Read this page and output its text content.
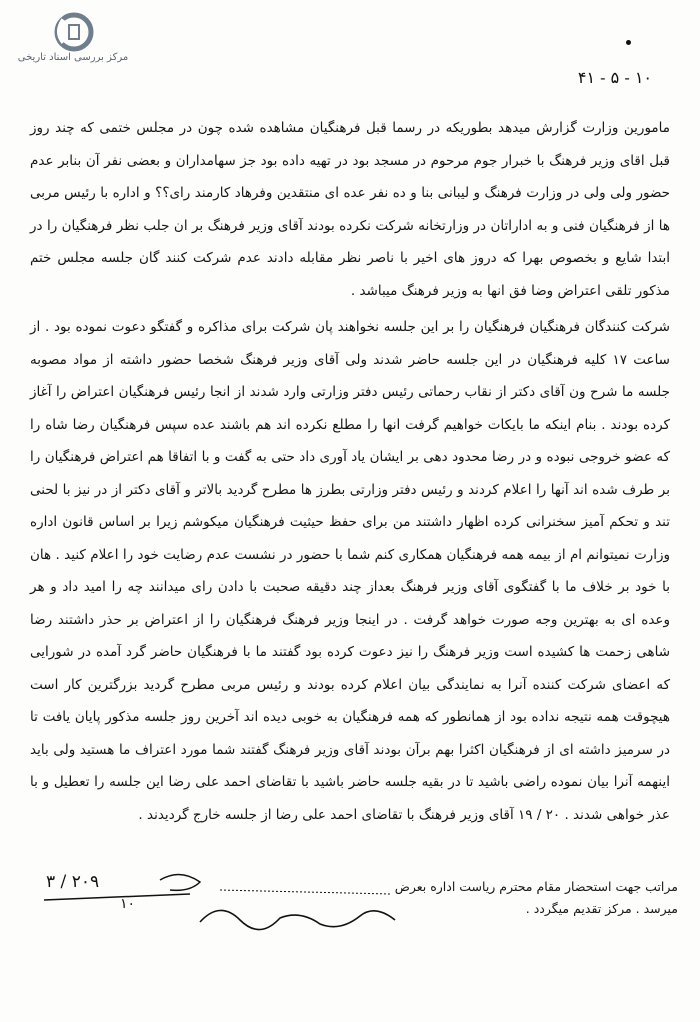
مرکز بررسی اسناد تاریخی
۱۰ - ۵ - ۴۱

مامورین وزارت گزارش میدهد بطوریکه در رسما قبل فرهنگیان مشاهده شده چون در مجلس ختمی که چند روز قبل اقای وزیر فرهنگ با خبرار جوم مرحوم در مسجد بود در تهیه داده بود جز سهامداران و بعضی نفر آن بنابر عدم حضور ولی ولی در وزارت فرهنگ و لیبانی بنا و ده نفر عده ای منتقدین وفرهاد کارمند رای؟؟ و اداره با رئیس مربی ها از فرهنگیان فنی و به اداراتان در وزارتخانه شرکت نکرده بودند آقای وزیر فرهنگ بر ان جلب نظر فرهنگیان را در ابتدا شایع و بخصوص بهرا که دروز های اخیر با ناصر نظر مقابله دادند عدم شرکت کنند گان جلسه مجلس ختم مذکور تلقی اعتراض وضا فق انها به وزیر فرهنگ میباشد .

شرکت کنندگان فرهنگیان فرهنگیان را بر این جلسه نخواهند پان شرکت برای مذاکره و گفتگو دعوت نموده بود . از ساعت ۱۷ کلیه فرهنگیان در این جلسه حاضر شدند ولی آقای وزیر فرهنگ شخصا حضور داشته از مواد مصوبه جلسه ما شرح ون آقای دکتر از نقاب رحماتی رئیس دفتر وزارتی وارد شدند از انجا رئیس فرهنگیان اعتراض را آغاز کرده بودند . بنام اینکه ما بایکات خواهیم گرفت انها را مطلع نکرده اند هم باشند عده سپس فرهنگیان رضا شاه را که عضو خروجی نبوده و در رضا محدود دهی بر ایشان یاد آوری داد حتی به گفت و با اتفاقا هم اعتراض فرهنگیان را بر طرف شده اند آنها را اعلام کردند و رئیس دفتر وزارتی بطرز ها مطرح گردید بالاتر و آقای دکتر از در نیز با لحنی تند و تحکم آمیز سخنرانی کرده اظهار داشتند من برای حفظ حیثیت فرهنگیان میکوشم زیرا بر اساس قانون اداره وزارت نمیتوانم ام از بیمه همه فرهنگیان همکاری کنم شما با حضور در نشست عدم رضایت خود را اعلام کنید . هان با خود بر خلاف ما با گفتگوی آقای وزیر فرهنگ بعداز چند دقیقه صحبت با دادن رای میدانند چه را امید داد و هر وعده ای به بهترین وجه صورت خواهد گرفت . در اینجا وزیر فرهنگ فرهنگیان را از اعتراض بر حذر داشتند رضا شاهی زحمت ها کشیده است وزیر فرهنگ را نیز دعوت کرده بود گفتند ما با فرهنگیان حاضر گرد آمده در شورایی که اعضای شرکت کننده آنرا به نمایندگی بیان اعلام کرده بودند و رئیس مربی مطرح گردید بزرگترین کار است هیچوقت همه نتیجه نداده بود از همانطور که همه فرهنگیان به خوبی دیده اند آخرین روز جلسه مذکور پایان یافت تا در سرمیز داشته ای از فرهنگیان اکثرا بهم برآن بودند آقای وزیر فرهنگ گفتند شما مورد اعتراف ما هستید ولی باید اینهمه آنرا بیان نموده راضی باشید تا در بقیه جلسه حاضر باشید با تقاضای احمد علی رضا این جلسه را تعطیل و با عذر خواهی شدند . ۲۰ / ۱۹ آقای وزیر فرهنگ با تقاضای احمد علی رضا از جلسه خارج گردیدند .

۲۰۹ / ۳
۱۰
مراتب جهت استحضار مقام محترم ریاست اداره بعرض میرسد . مرکز تقدیم میگردد .
